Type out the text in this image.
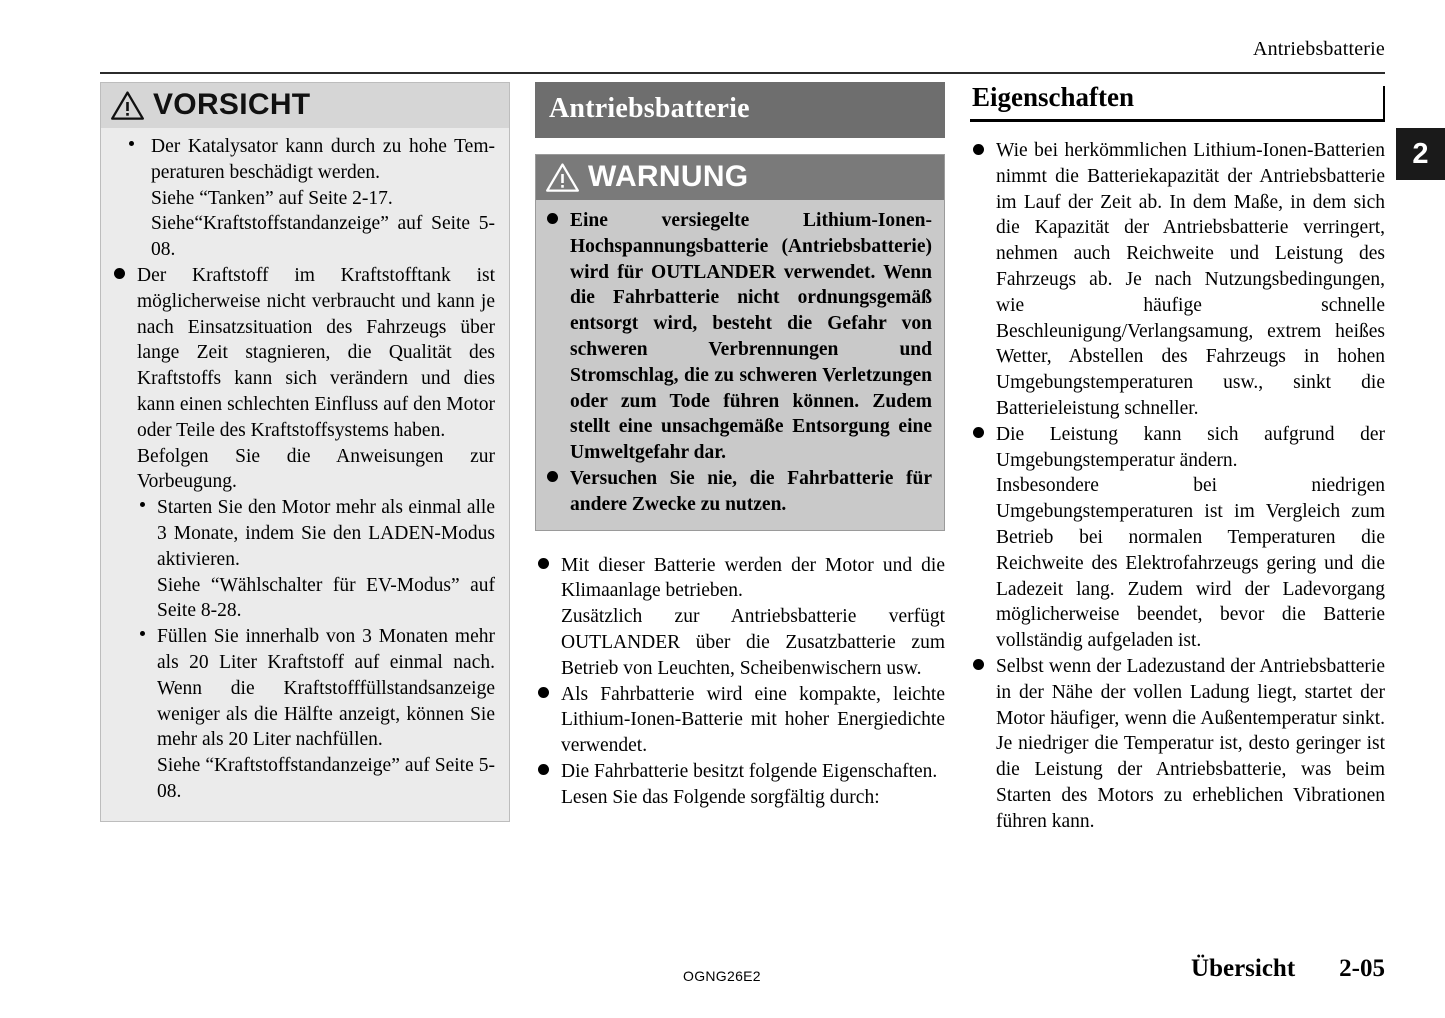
Antriebsbatterie
2
VORSICHT

Der Katalysator kann durch zu hohe Tem-peraturen beschädigt werden.

Siehe “Tanken” auf Seite 2-17.

Siehe“Kraftstoffstandanzeige” auf Seite 5-08.

Der Kraftstoff im Kraftstofftank ist möglicherweise nicht verbraucht und kann je nach Einsatzsituation des Fahrzeugs über lange Zeit stagnieren, die Qualität des Kraftstoffs kann sich verändern und dies kann einen schlechten Einfluss auf den Motor oder Teile des Kraftstoffsystems haben.

Befolgen Sie die Anweisungen zur Vorbeugung.

Starten Sie den Motor mehr als einmal alle 3 Monate, indem Sie den LADEN-Modus aktivieren.

Siehe “Wählschalter für EV-Modus” auf Seite 8-28.

Füllen Sie innerhalb von 3 Monaten mehr als 20 Liter Kraftstoff auf einmal nach. Wenn die Kraftstofffüllstandsanzeige weniger als die Hälfte anzeigt, können Sie mehr als 20 Liter nachfüllen.

Siehe “Kraftstoffstandanzeige” auf Seite 5-08.

Antriebsbatterie
WARNUNG

Eine versiegelte Lithium-Ionen-Hochspannungsbatterie (Antriebsbatterie) wird für OUTLANDER verwendet. Wenn die Fahrbatterie nicht ordnungsgemäß entsorgt wird, besteht die Gefahr von schweren Verbrennungen und Stromschlag, die zu schweren Verletzungen oder zum Tode führen können. Zudem stellt eine unsachgemäße Entsorgung eine Umweltgefahr dar.

Versuchen Sie nie, die Fahrbatterie für andere Zwecke zu nutzen.

Mit dieser Batterie werden der Motor und die Klimaanlage betrieben.

Zusätzlich zur Antriebsbatterie verfügt OUTLANDER über die Zusatzbatterie zum Betrieb von Leuchten, Scheibenwischern usw.

Als Fahrbatterie wird eine kompakte, leichte Lithium-Ionen-Batterie mit hoher Energiedichte verwendet.

Die Fahrbatterie besitzt folgende Eigenschaften.

Lesen Sie das Folgende sorgfältig durch:

Eigenschaften

Wie bei herkömmlichen Lithium-Ionen-Batterien nimmt die Batteriekapazität der Antriebsbatterie im Lauf der Zeit ab. In dem Maße, in dem sich die Kapazität der Antriebsbatterie verringert, nehmen auch Reichweite und Leistung des Fahrzeugs ab. Je nach Nutzungsbedingungen, wie häufige schnelle Beschleunigung/Verlangsamung, extrem heißes Wetter, Abstellen des Fahrzeugs in hohen Umgebungstemperaturen usw., sinkt die Batterieleistung schneller.

Die Leistung kann sich aufgrund der Umgebungstemperatur ändern.

Insbesondere bei niedrigen Umgebungstemperaturen ist im Vergleich zum Betrieb bei normalen Temperaturen die Reichweite des Elektrofahrzeugs gering und die Ladezeit lang. Zudem wird der Ladevorgang möglicherweise beendet, bevor die Batterie vollständig aufgeladen ist.

Selbst wenn der Ladezustand der Antriebsbatterie in der Nähe der vollen Ladung liegt, startet der Motor häufiger, wenn die Außentemperatur sinkt. Je niedriger die Temperatur ist, desto geringer ist die Leistung der Antriebsbatterie, was beim Starten des Motors zu erheblichen Vibrationen führen kann.

OGNG26E2	Übersicht 2-05
